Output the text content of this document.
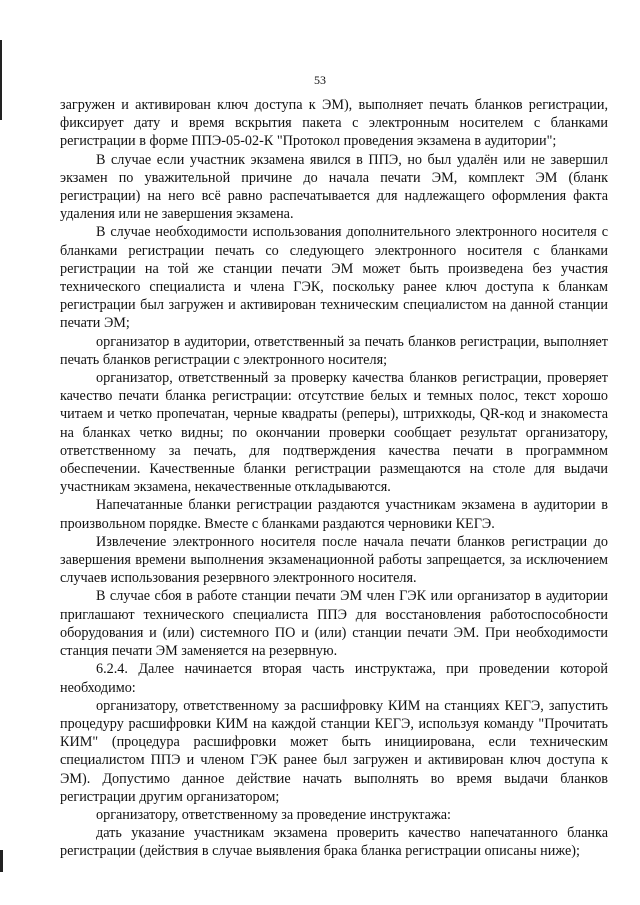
53

загружен и активирован ключ доступа к ЭМ), выполняет печать бланков регистрации, фиксирует дату и время вскрытия пакета с электронным носителем с бланками регистрации в форме ППЭ-05-02-К "Протокол проведения экзамена в аудитории";

В случае если участник экзамена явился в ППЭ, но был удалён или не завершил экзамен по уважительной причине до начала печати ЭМ, комплект ЭМ (бланк регистрации) на него всё равно распечатывается для надлежащего оформления факта удаления или не завершения экзамена.

В случае необходимости использования дополнительного электронного носителя с бланками регистрации печать со следующего электронного носителя с бланками регистрации на той же станции печати ЭМ может быть произведена без участия технического специалиста и члена ГЭК, поскольку ранее ключ доступа к бланкам регистрации был загружен и активирован техническим специалистом на данной станции печати ЭМ;

организатор в аудитории, ответственный за печать бланков регистрации, выполняет печать бланков регистрации с электронного носителя;

организатор, ответственный за проверку качества бланков регистрации, проверяет качество печати бланка регистрации: отсутствие белых и темных полос, текст хорошо читаем и четко пропечатан, черные квадраты (реперы), штрихкоды, QR-код и знакоместа на бланках четко видны; по окончании проверки сообщает результат организатору, ответственному за печать, для подтверждения качества печати в программном обеспечении. Качественные бланки регистрации размещаются на столе для выдачи участникам экзамена, некачественные откладываются.

Напечатанные бланки регистрации раздаются участникам экзамена в аудитории в произвольном порядке. Вместе с бланками раздаются черновики КЕГЭ.

Извлечение электронного носителя после начала печати бланков регистрации до завершения времени выполнения экзаменационной работы запрещается, за исключением случаев использования резервного электронного носителя.

В случае сбоя в работе станции печати ЭМ член ГЭК или организатор в аудитории приглашают технического специалиста ППЭ для восстановления работоспособности оборудования и (или) системного ПО и (или) станции печати ЭМ. При необходимости станция печати ЭМ заменяется на резервную.

6.2.4. Далее начинается вторая часть инструктажа, при проведении которой необходимо:

организатору, ответственному за расшифровку КИМ на станциях КЕГЭ, запустить процедуру расшифровки КИМ на каждой станции КЕГЭ, используя команду "Прочитать КИМ" (процедура расшифровки может быть инициирована, если техническим специалистом ППЭ и членом ГЭК ранее был загружен и активирован ключ доступа к ЭМ). Допустимо данное действие начать выполнять во время выдачи бланков регистрации другим организатором;

организатору, ответственному за проведение инструктажа:

дать указание участникам экзамена проверить качество напечатанного бланка регистрации (действия в случае выявления брака бланка регистрации описаны ниже);
